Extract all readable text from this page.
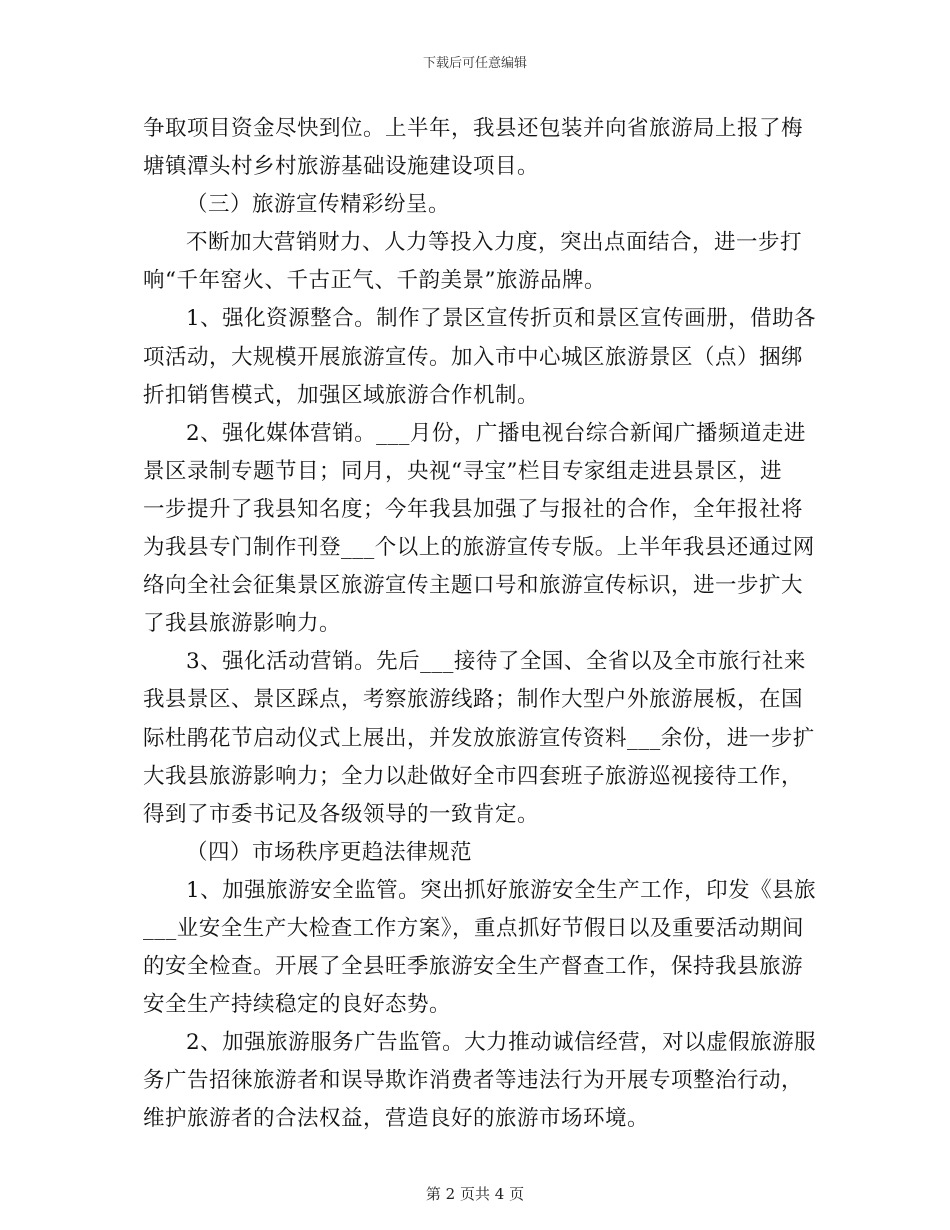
下载后可任意编辑
争取项目资金尽快到位。上半年，我县还包装并向省旅游局上报了梅
塘镇潭头村乡村旅游基础设施建设项目。
（三）旅游宣传精彩纷呈。
不断加大营销财力、人力等投入力度，突出点面结合，进一步打
响“千年窑火、千古正气、千韵美景”旅游品牌。
1、强化资源整合。制作了景区宣传折页和景区宣传画册，借助各
项活动，大规模开展旅游宣传。加入市中心城区旅游景区（点）捆绑
折扣销售模式，加强区域旅游合作机制。
2、强化媒体营销。___月份，广播电视台综合新闻广播频道走进
景区录制专题节目；同月，央视“寻宝”栏目专家组走进县景区，进
一步提升了我县知名度；今年我县加强了与报社的合作，全年报社将
为我县专门制作刊登___个以上的旅游宣传专版。上半年我县还通过网
络向全社会征集景区旅游宣传主题口号和旅游宣传标识，进一步扩大
了我县旅游影响力。
3、强化活动营销。先后___接待了全国、全省以及全市旅行社来
我县景区、景区踩点，考察旅游线路；制作大型户外旅游展板，在国
际杜鹃花节启动仪式上展出，并发放旅游宣传资料___余份，进一步扩
大我县旅游影响力；全力以赴做好全市四套班子旅游巡视接待工作，
得到了市委书记及各级领导的一致肯定。
（四）市场秩序更趋法律规范
1、加强旅游安全监管。突出抓好旅游安全生产工作，印发《县旅
___业安全生产大检查工作方案》，重点抓好节假日以及重要活动期间
的安全检查。开展了全县旺季旅游安全生产督查工作，保持我县旅游
安全生产持续稳定的良好态势。
2、加强旅游服务广告监管。大力推动诚信经营，对以虚假旅游服
务广告招徕旅游者和误导欺诈消费者等违法行为开展专项整治行动，
维护旅游者的合法权益，营造良好的旅游市场环境。
第 2 页共 4 页
